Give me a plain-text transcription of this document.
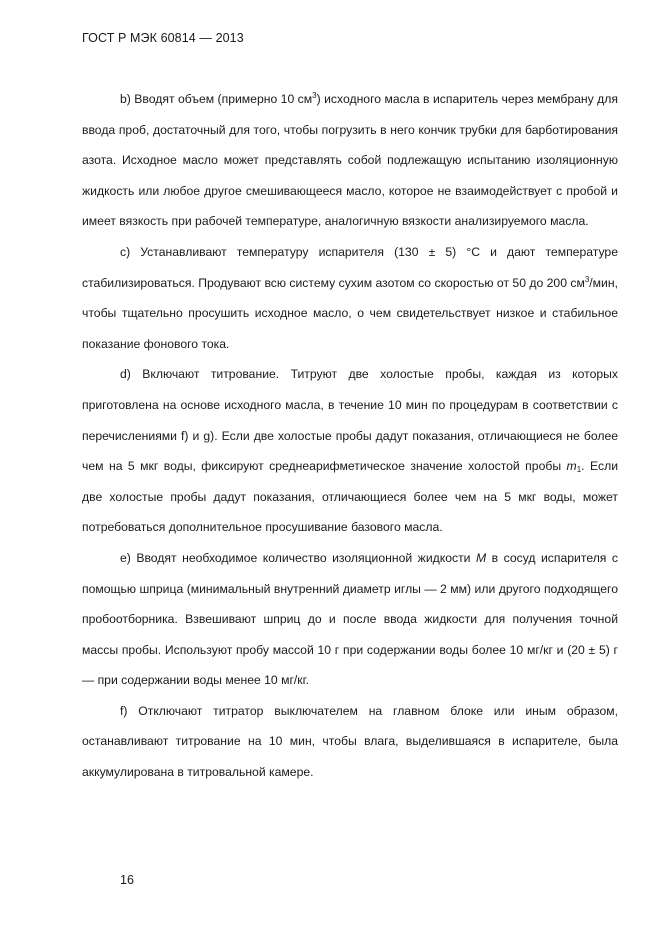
ГОСТ Р МЭК 60814 — 2013

b) Вводят объем (примерно 10 $см^3$) исходного масла в испаритель через мембрану для ввода проб, достаточный для того, чтобы погрузить в него кончик трубки для барботирования азота. Исходное масло может представлять собой подлежащую испытанию изоляционную жидкость или любое другое смешивающееся масло, которое не взаимодействует с пробой и имеет вязкость при рабочей температуре, аналогичную вязкости анализируемого масла.

c) Устанавливают температуру испарителя (130 ± 5) °C и дают температуре стабилизироваться. Продувают всю систему сухим азотом со скоростью от 50 до 200 $см^3$/мин, чтобы тщательно просушить исходное масло, о чем свидетельствует низкое и стабильное показание фонового тока.

d) Включают титрование. Титруют две холостые пробы, каждая из которых приготовлена на основе исходного масла, в течение 10 мин по процедурам в соответствии с перечислениями f) и g). Если две холостые пробы дадут показания, отличающиеся не более чем на 5 мкг воды, фиксируют среднеарифметическое значение холостой пробы $m_1$. Если две холостые пробы дадут показания, отличающиеся более чем на 5 мкг воды, может потребоваться дополнительное просушивание базового масла.

e) Вводят необходимое количество изоляционной жидкости M в сосуд испарителя с помощью шприца (минимальный внутренний диаметр иглы — 2 мм) или другого подходящего пробоотборника. Взвешивают шприц до и после ввода жидкости для получения точной массы пробы. Используют пробу массой 10 г при содержании воды более 10 мг/кг и (20 ± 5) г — при содержании воды менее 10 мг/кг.

f) Отключают титратор выключателем на главном блоке или иным образом, останавливают титрование на 10 мин, чтобы влага, выделившаяся в испарителе, была аккумулирована в титровальной камере.

16
